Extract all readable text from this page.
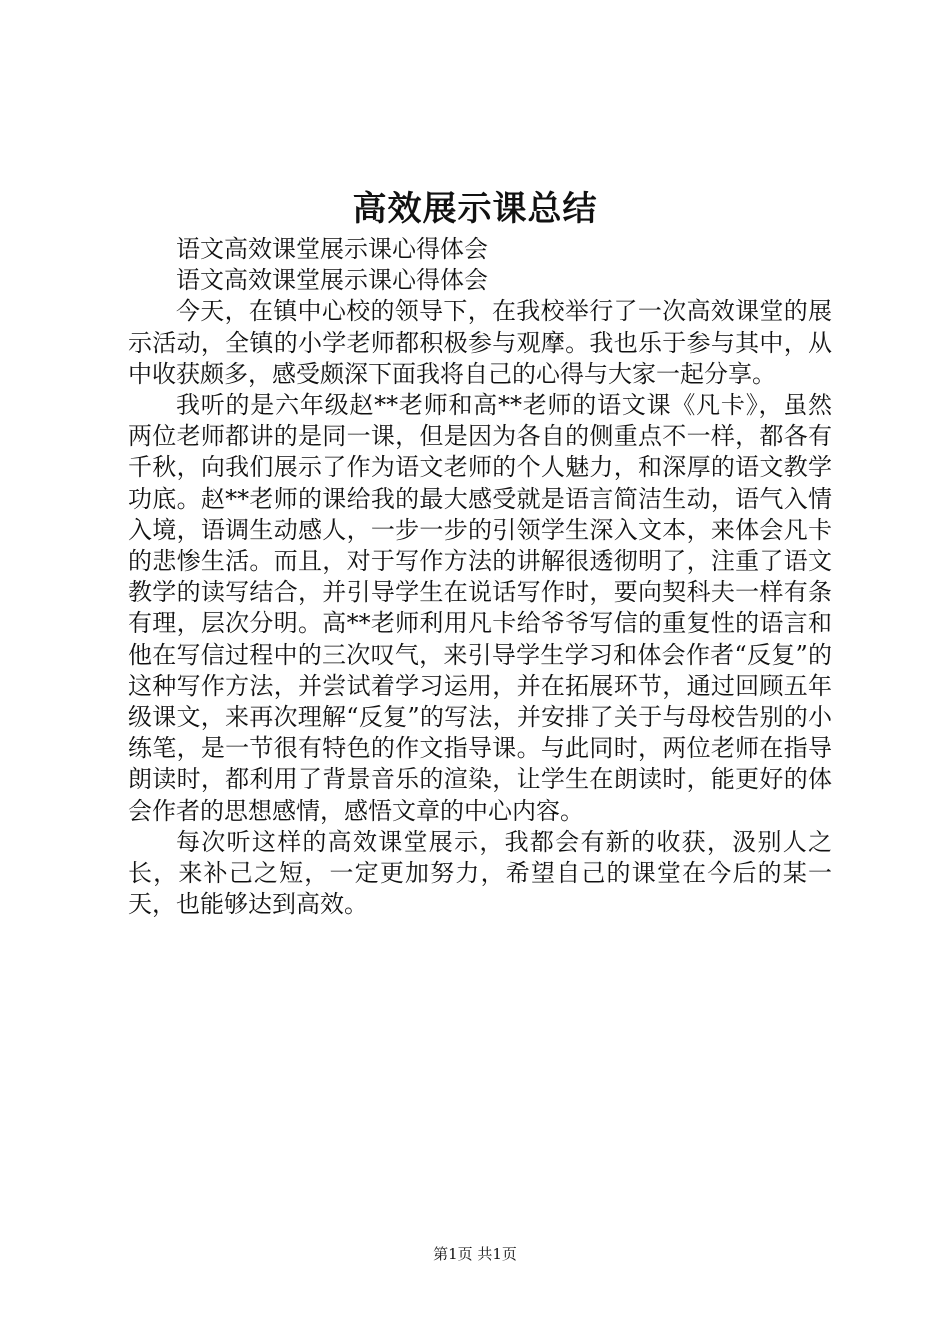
高效展示课总结

语文高效课堂展示课心得体会

语文高效课堂展示课心得体会

今天，在镇中心校的领导下，在我校举行了一次高效课堂的展示活动，全镇的小学老师都积极参与观摩。我也乐于参与其中，从中收获颇多，感受颇深下面我将自己的心得与大家一起分享。

我听的是六年级赵**老师和高**老师的语文课《凡卡》，虽然两位老师都讲的是同一课，但是因为各自的侧重点不一样，都各有千秋，向我们展示了作为语文老师的个人魅力，和深厚的语文教学功底。赵**老师的课给我的最大感受就是语言简洁生动，语气入情入境，语调生动感人，一步一步的引领学生深入文本，来体会凡卡的悲惨生活。而且，对于写作方法的讲解很透彻明了，注重了语文教学的读写结合，并引导学生在说话写作时，要向契科夫一样有条有理，层次分明。高**老师利用凡卡给爷爷写信的重复性的语言和他在写信过程中的三次叹气，来引导学生学习和体会作者“反复”的这种写作方法，并尝试着学习运用，并在拓展环节，通过回顾五年级课文，来再次理解“反复”的写法，并安排了关于与母校告别的小练笔，是一节很有特色的作文指导课。与此同时，两位老师在指导朗读时，都利用了背景音乐的渲染，让学生在朗读时，能更好的体会作者的思想感情，感悟文章的中心内容。

每次听这样的高效课堂展示，我都会有新的收获，汲别人之长，来补己之短，一定更加努力，希望自己的课堂在今后的某一天，也能够达到高效。

第1页 共1页
